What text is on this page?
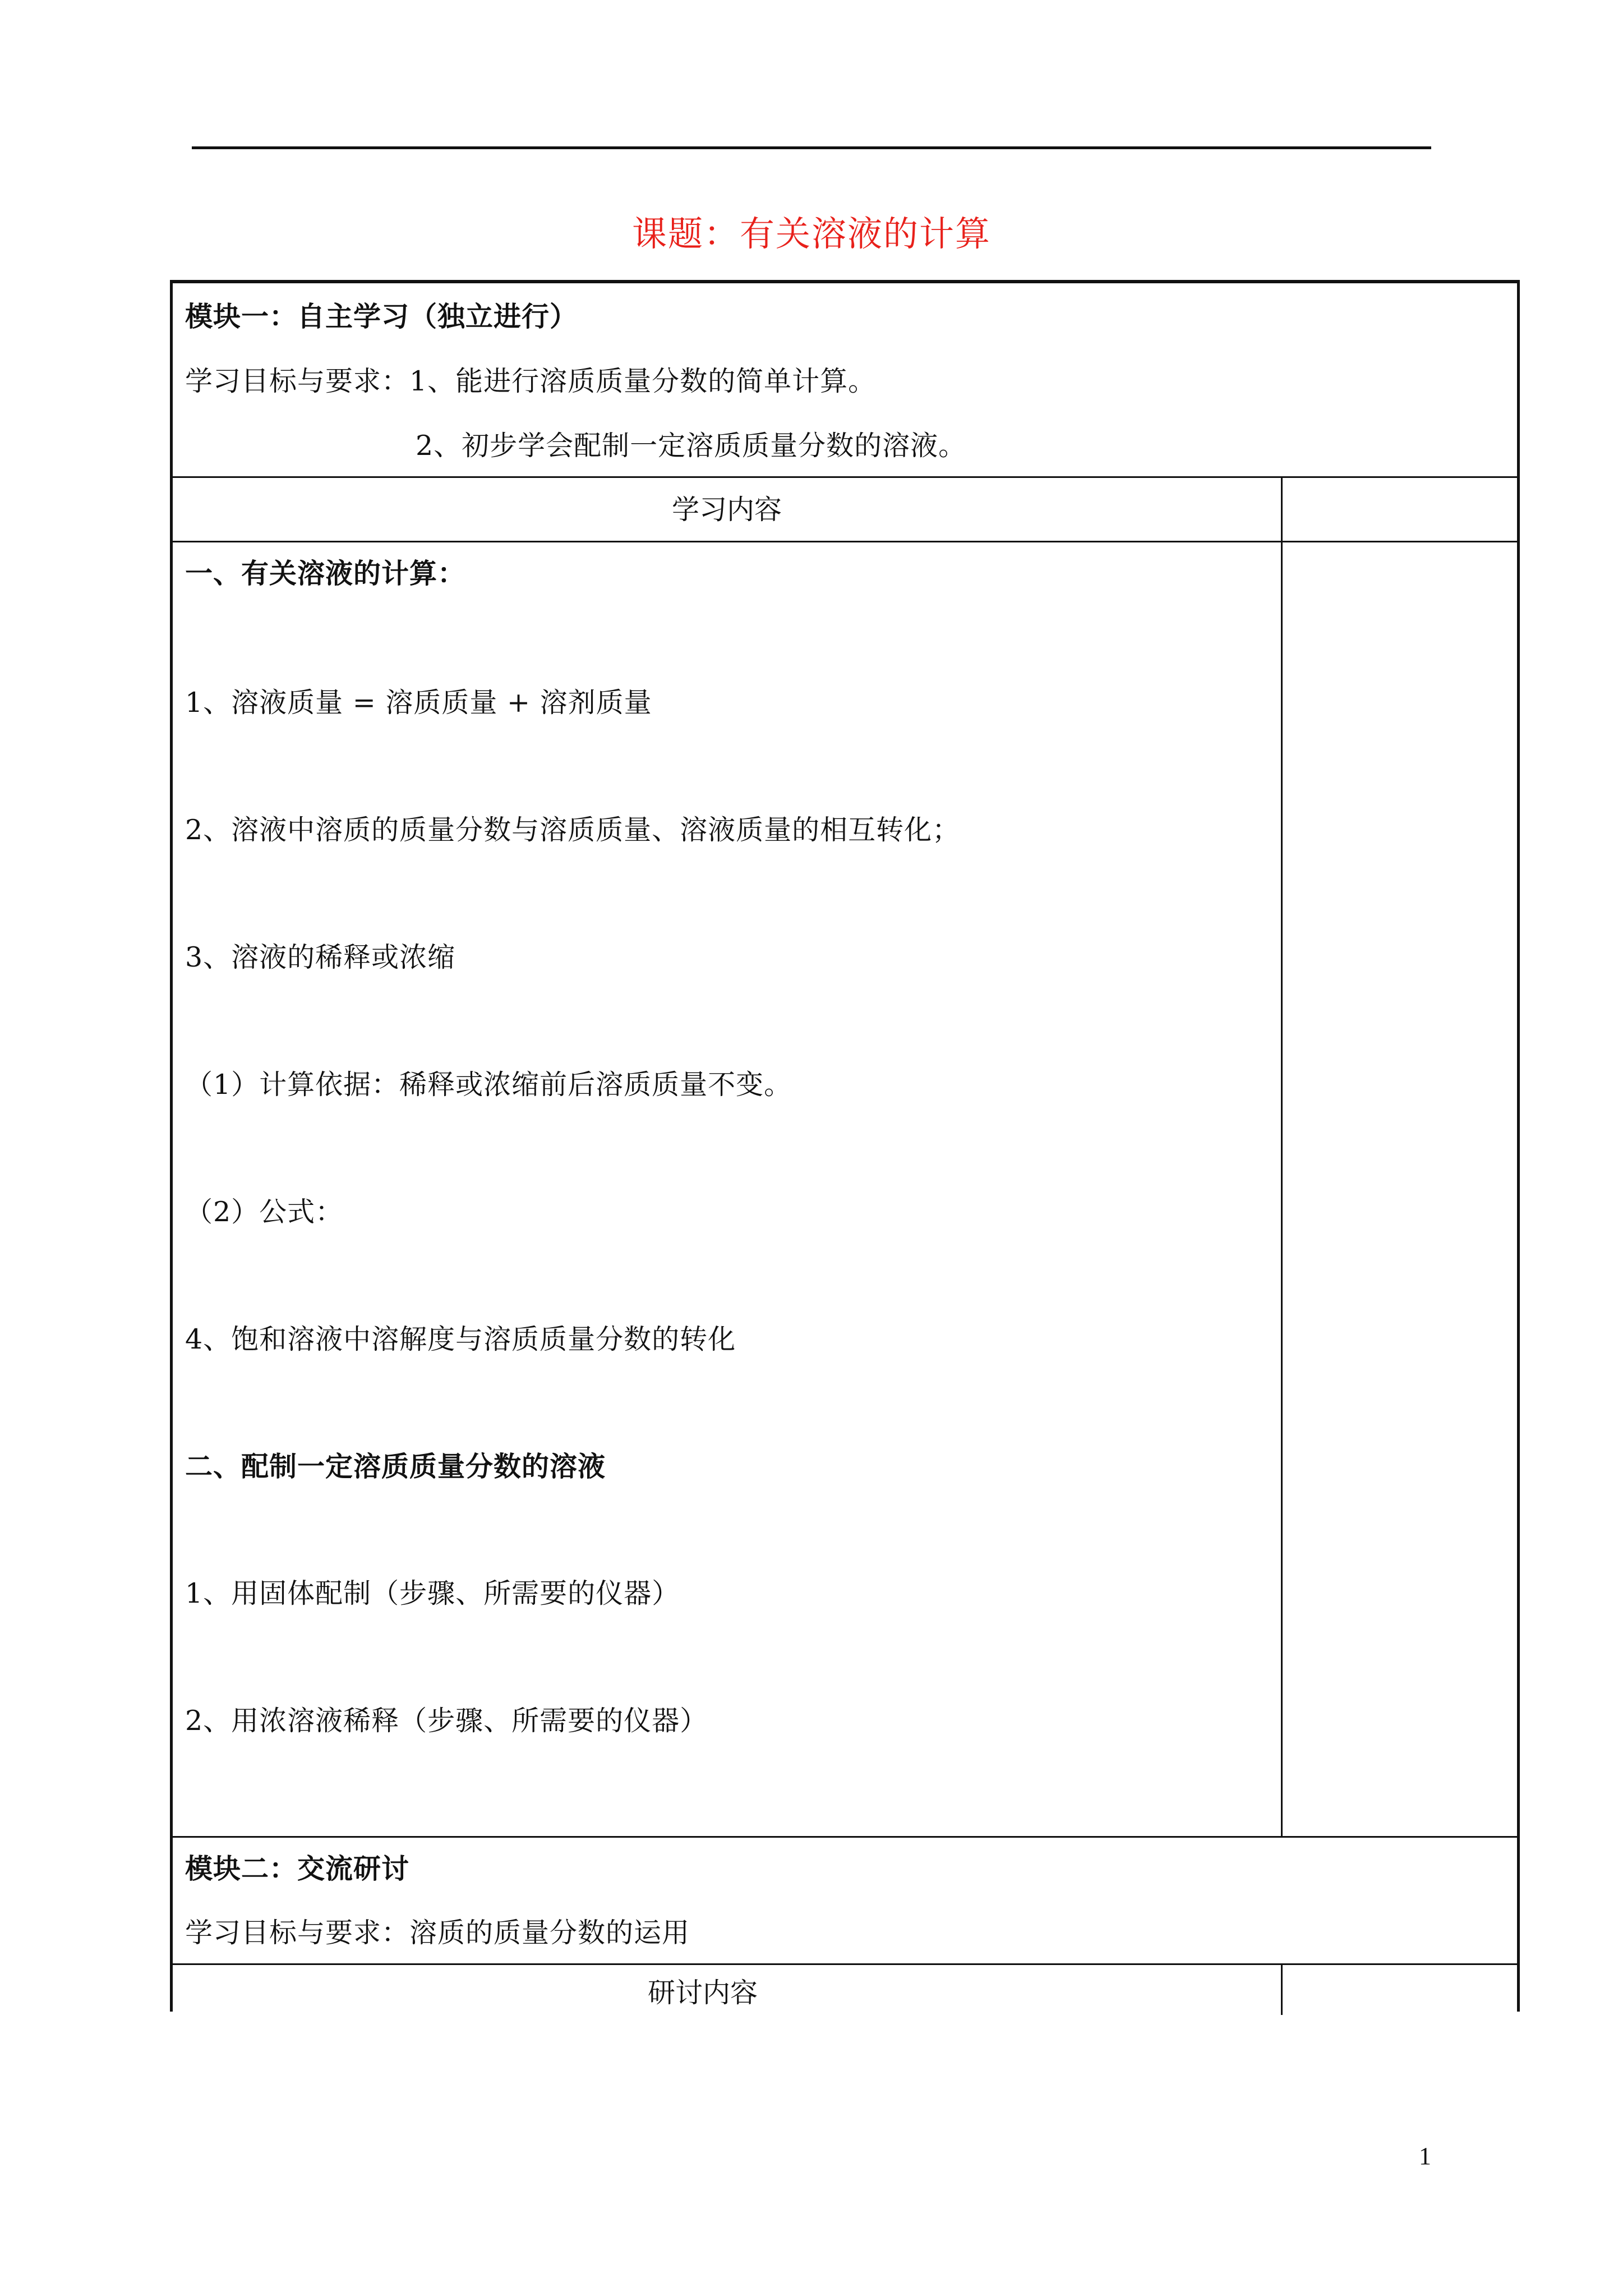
课题：有关溶液的计算
模块一：自主学习（独立进行）
学习目标与要求：1、能进行溶质质量分数的简单计算。
2、初步学会配制一定溶质质量分数的溶液。
学习内容
一、有关溶液的计算：
1、溶液质量 = 溶质质量 + 溶剂质量
2、溶液中溶质的质量分数与溶质质量、溶液质量的相互转化；
3、溶液的稀释或浓缩
（1）计算依据：稀释或浓缩前后溶质质量不变。
（2）公式：
4、饱和溶液中溶解度与溶质质量分数的转化
二、配制一定溶质质量分数的溶液
1、用固体配制（步骤、所需要的仪器）
2、用浓溶液稀释（步骤、所需要的仪器）
模块二：交流研讨
学习目标与要求：溶质的质量分数的运用
研讨内容
1
